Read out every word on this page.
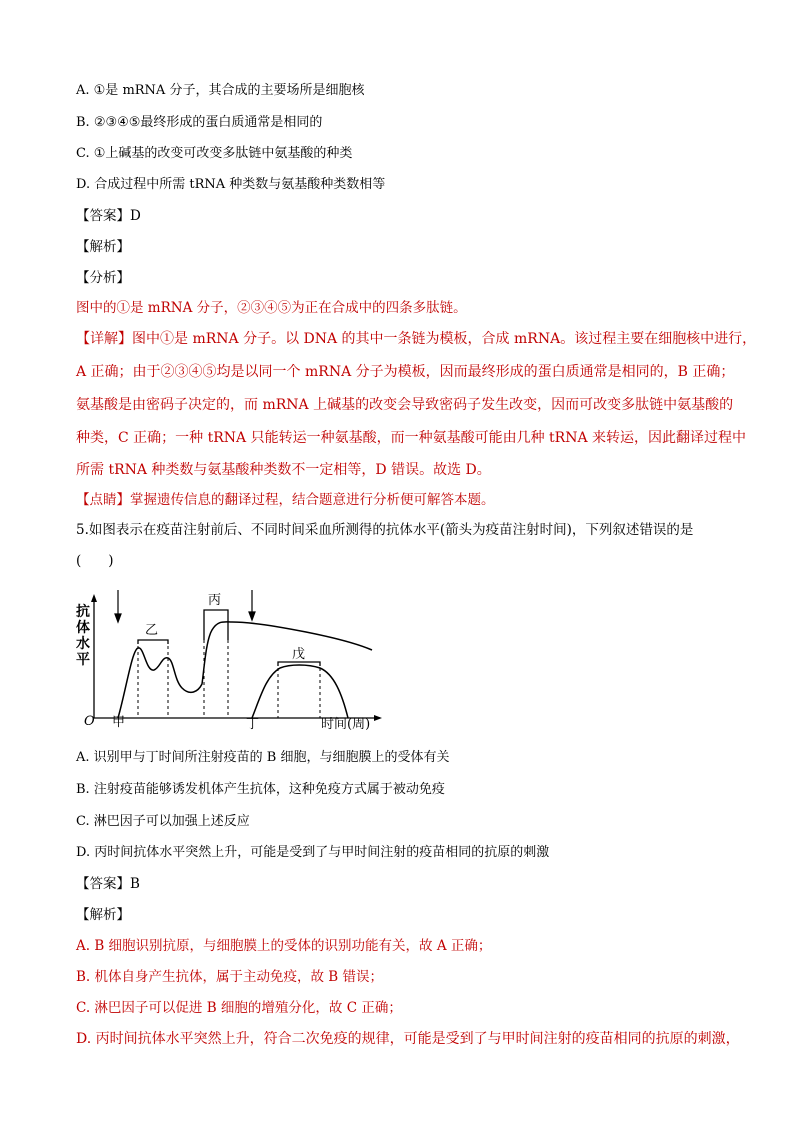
A. ①是 mRNA 分子，其合成的主要场所是细胞核
B. ②③④⑤最终形成的蛋白质通常是相同的
C. ①上碱基的改变可改变多肽链中氨基酸的种类
D. 合成过程中所需 tRNA 种类数与氨基酸种类数相等
【答案】D
【解析】
【分析】
图中的①是 mRNA 分子，②③④⑤为正在合成中的四条多肽链。
【详解】图中①是 mRNA 分子。以 DNA 的其中一条链为模板，合成 mRNA。该过程主要在细胞核中进行，
A 正确；由于②③④⑤均是以同一个 mRNA 分子为模板，因而最终形成的蛋白质通常是相同的，B 正确；
氨基酸是由密码子决定的，而 mRNA 上碱基的改变会导致密码子发生改变，因而可改变多肽链中氨基酸的
种类，C 正确；一种 tRNA 只能转运一种氨基酸，而一种氨基酸可能由几种 tRNA 来转运，因此翻译过程中
所需 tRNA 种类数与氨基酸种类数不一定相等，D 错误。故选 D。
【点睛】掌握遗传信息的翻译过程，结合题意进行分析便可解答本题。
5.如图表示在疫苗注射前后、不同时间采血所测得的抗体水平(箭头为疫苗注射时间)，下列叙述错误的是
(　　)
抗
体
水
平
O 甲	丁	时间(周)
乙
丙
戊
A. 识别甲与丁时间所注射疫苗的 B 细胞，与细胞膜上的受体有关
B. 注射疫苗能够诱发机体产生抗体，这种免疫方式属于被动免疫
C. 淋巴因子可以加强上述反应
D. 丙时间抗体水平突然上升，可能是受到了与甲时间注射的疫苗相同的抗原的刺激
【答案】B
【解析】
A. B 细胞识别抗原，与细胞膜上的受体的识别功能有关，故 A 正确；
B. 机体自身产生抗体，属于主动免疫，故 B 错误；
C. 淋巴因子可以促进 B 细胞的增殖分化，故 C 正确；
D. 丙时间抗体水平突然上升，符合二次免疫的规律，可能是受到了与甲时间注射的疫苗相同的抗原的刺激，
